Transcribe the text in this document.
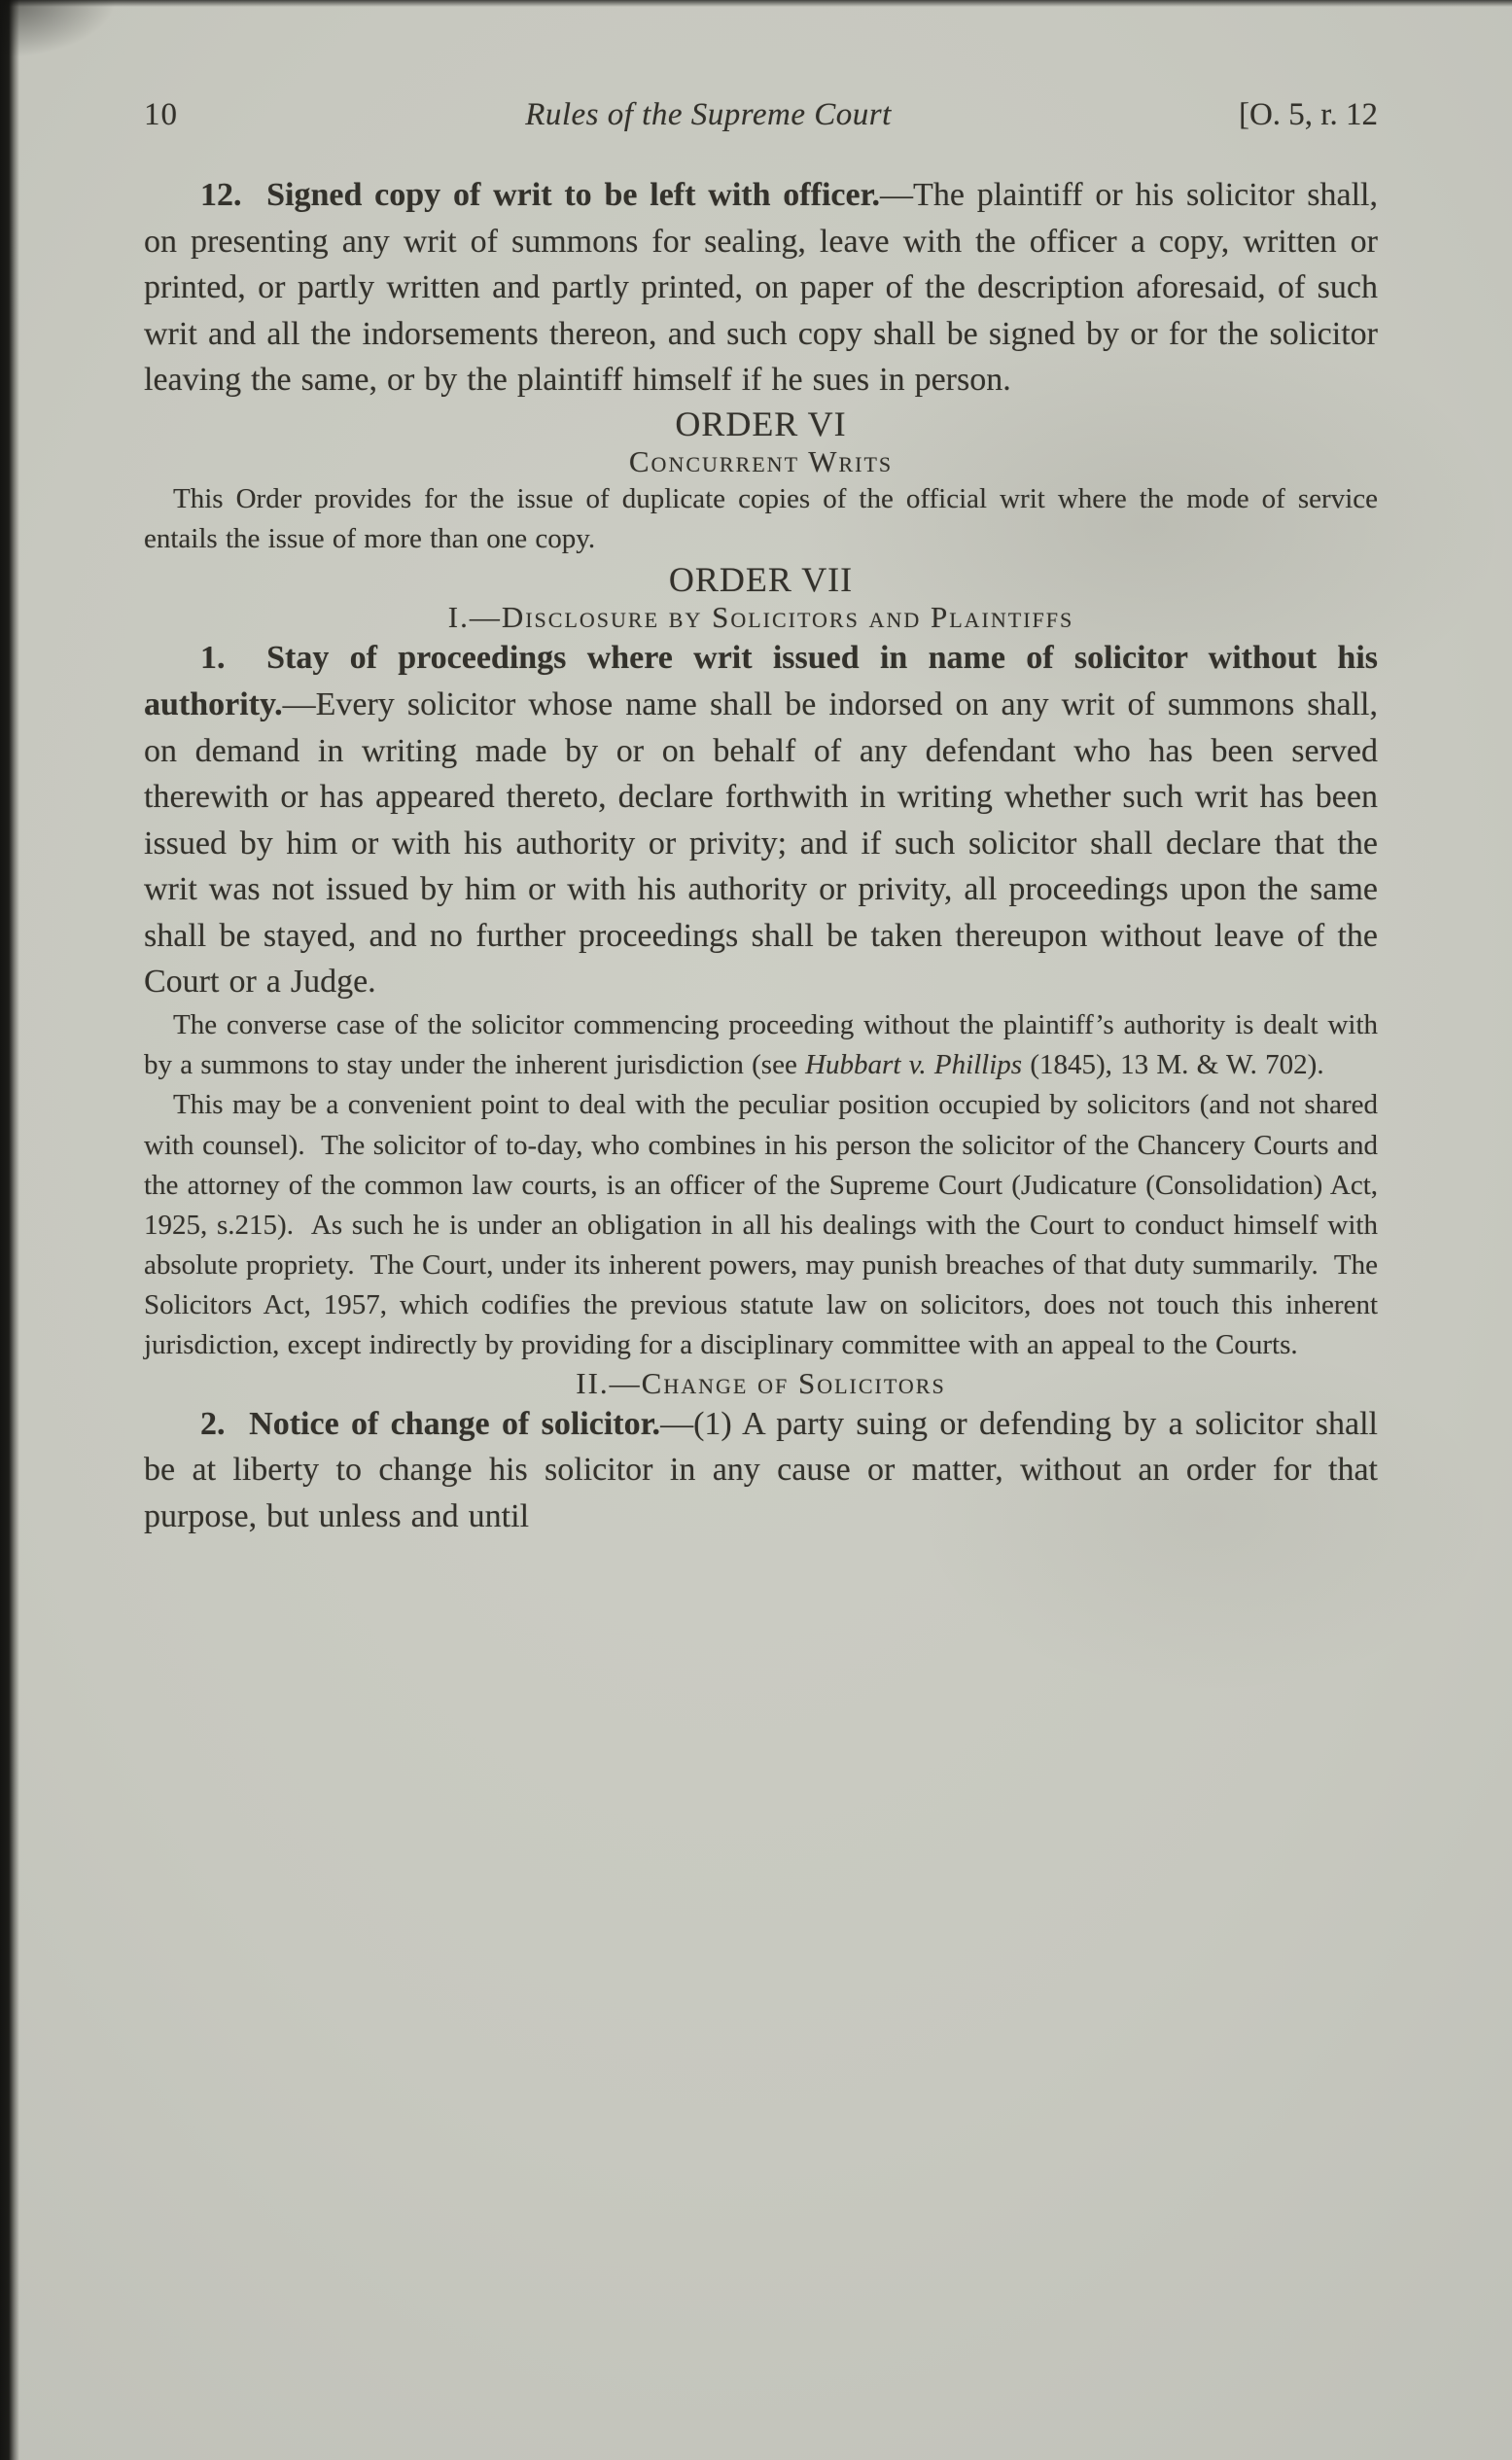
10	Rules of the Supreme Court	[O. 5, r. 12

12.  Signed copy of writ to be left with officer.—The plaintiff or his solicitor shall, on presenting any writ of summons for sealing, leave with the officer a copy, written or printed, or partly written and partly printed, on paper of the description aforesaid, of such writ and all the indorsements thereon, and such copy shall be signed by or for the solicitor leaving the same, or by the plaintiff himself if he sues in person.

ORDER VI
Concurrent Writs

This Order provides for the issue of duplicate copies of the official writ where the mode of service entails the issue of more than one copy.

ORDER VII
I.—Disclosure by Solicitors and Plaintiffs

1.  Stay of proceedings where writ issued in name of solicitor without his authority.—Every solicitor whose name shall be indorsed on any writ of summons shall, on demand in writing made by or on behalf of any defendant who has been served therewith or has appeared thereto, declare forthwith in writing whether such writ has been issued by him or with his authority or privity; and if such solicitor shall declare that the writ was not issued by him or with his authority or privity, all proceedings upon the same shall be stayed, and no further proceedings shall be taken thereupon without leave of the Court or a Judge.

The converse case of the solicitor commencing proceeding without the plaintiff’s authority is dealt with by a summons to stay under the inherent jurisdiction (see Hubbart v. Phillips (1845), 13 M. & W. 702).

This may be a convenient point to deal with the peculiar position occupied by solicitors (and not shared with counsel).  The solicitor of to-day, who combines in his person the solicitor of the Chancery Courts and the attorney of the common law courts, is an officer of the Supreme Court (Judicature (Consolidation) Act, 1925, s.215).  As such he is under an obligation in all his dealings with the Court to conduct himself with absolute propriety.  The Court, under its inherent powers, may punish breaches of that duty summarily.  The Solicitors Act, 1957, which codifies the previous statute law on solicitors, does not touch this inherent jurisdiction, except indirectly by providing for a disciplinary committee with an appeal to the Courts.

II.—Change of Solicitors

2.  Notice of change of solicitor.—(1) A party suing or defending by a solicitor shall be at liberty to change his solicitor in any cause or matter, without an order for that purpose, but unless and until
